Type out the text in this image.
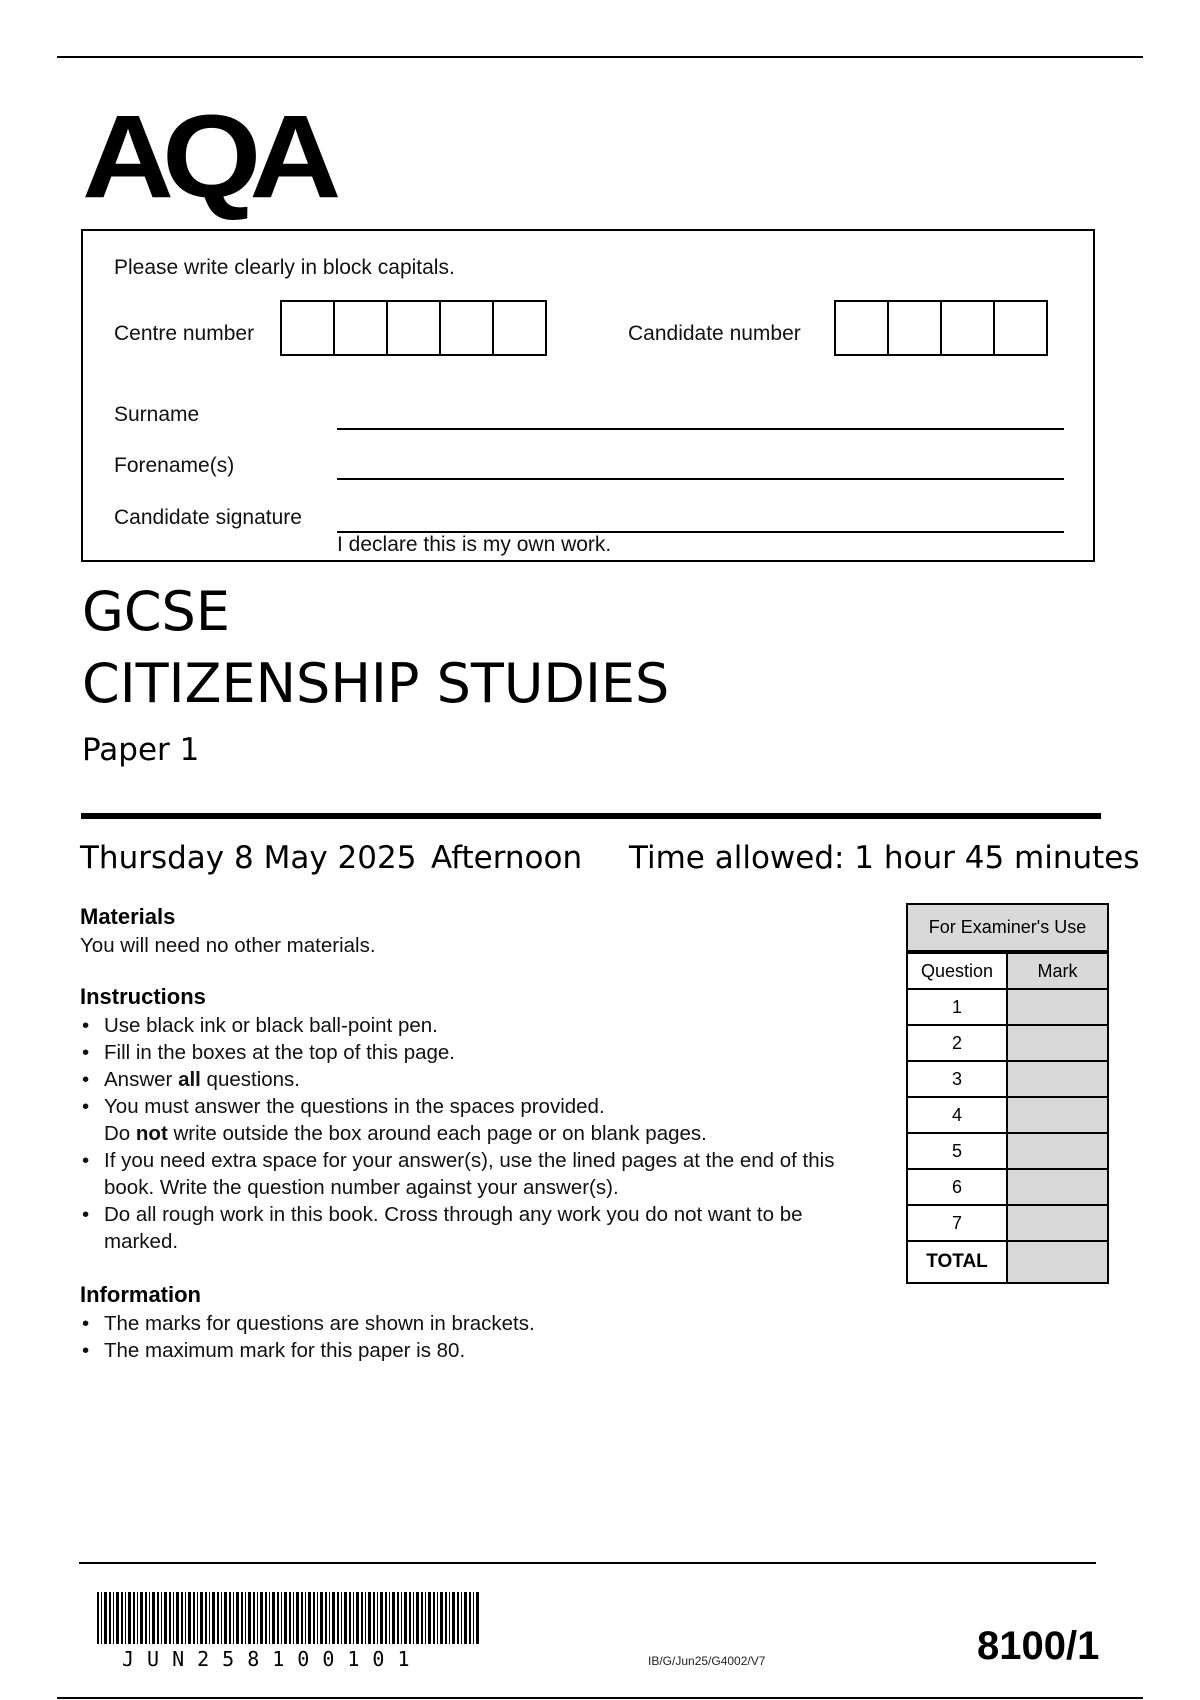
AQA
Please write clearly in block capitals.
Centre number	Candidate number
Surname
Forename(s)
Candidate signature
I declare this is my own work.
GCSE
CITIZENSHIP STUDIES
Paper 1
Thursday 8 May 2025 Afternoon Time allowed: 1 hour 45 minutes
Materials
You will need no other materials.
Instructions
• Use black ink or black ball-point pen.
• Fill in the boxes at the top of this page.
• Answer all questions.
• You must answer the questions in the spaces provided.
Do not write outside the box around each page or on blank pages.
• If you need extra space for your answer(s), use the lined pages at the end of this book. Write the question number against your answer(s).
• Do all rough work in this book. Cross through any work you do not want to be marked.
Information
• The marks for questions are shown in brackets.
• The maximum mark for this paper is 80.
For Examiner's Use
Question	Mark
1
2
3
4
5
6
7
TOTAL
JUN258100101	IB/G/Jun25/G4002/V7	8100/1
